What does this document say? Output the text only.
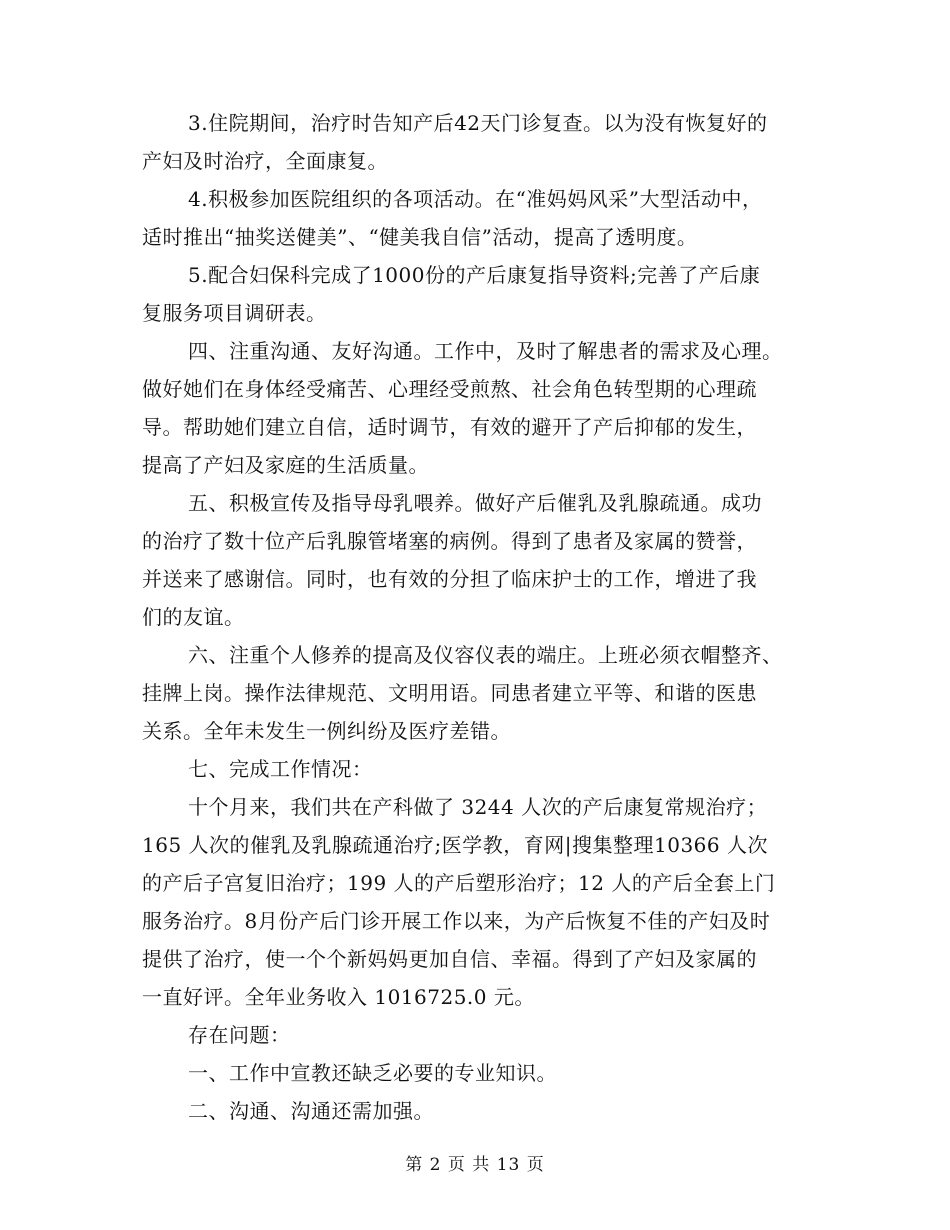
3.住院期间，治疗时告知产后42天门诊复查。以为没有恢复好的
产妇及时治疗，全面康复。
4.积极参加医院组织的各项活动。在“准妈妈风采”大型活动中，
适时推出“抽奖送健美”、“健美我自信”活动，提高了透明度。
5.配合妇保科完成了1000份的产后康复指导资料;完善了产后康
复服务项目调研表。
四、注重沟通、友好沟通。工作中，及时了解患者的需求及心理。
做好她们在身体经受痛苦、心理经受煎熬、社会角色转型期的心理疏
导。帮助她们建立自信，适时调节，有效的避开了产后抑郁的发生，
提高了产妇及家庭的生活质量。
五、积极宣传及指导母乳喂养。做好产后催乳及乳腺疏通。成功
的治疗了数十位产后乳腺管堵塞的病例。得到了患者及家属的赞誉，
并送来了感谢信。同时，也有效的分担了临床护士的工作，增进了我
们的友谊。
六、注重个人修养的提高及仪容仪表的端庄。上班必须衣帽整齐、
挂牌上岗。操作法律规范、文明用语。同患者建立平等、和谐的医患
关系。全年未发生一例纠纷及医疗差错。
七、完成工作情况：
十个月来，我们共在产科做了 3244 人次的产后康复常规治疗；
165 人次的催乳及乳腺疏通治疗;医学教，育网|搜集整理10366 人次
的产后子宫复旧治疗；199 人的产后塑形治疗；12 人的产后全套上门
服务治疗。8月份产后门诊开展工作以来，为产后恢复不佳的产妇及时
提供了治疗，使一个个新妈妈更加自信、幸福。得到了产妇及家属的
一直好评。全年业务收入 1016725.0 元。
存在问题：
一、工作中宣教还缺乏必要的专业知识。
二、沟通、沟通还需加强。
第 2 页 共 13 页
